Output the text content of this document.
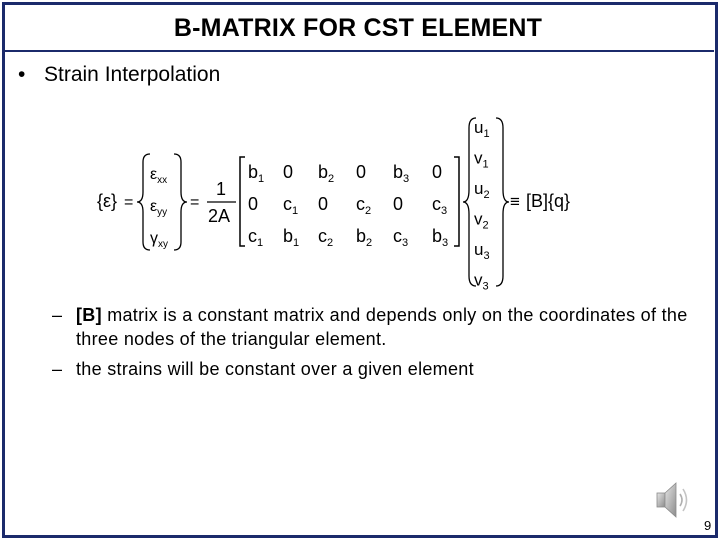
B-MATRIX FOR CST ELEMENT
• Strain Interpolation
{ε} =
$\varepsilon_{xx}$
$\varepsilon_{yy}$
$\gamma_{xy}$
=
1
2A
$b_1$ 0 $b_2$ 0 $b_3$ 0
0 $c_1$ 0 $c_2$ 0 $c_3$
$c_1$ $b_1$ $c_2$ $b_2$ $c_3$ $b_3$
$u_1$
$v_1$
$u_2$
$v_2$
$u_3$
$v_3$
≡ [B]{q}
– [B] matrix is a constant matrix and depends only on the coordinates of the three nodes of the triangular element.
– the strains will be constant over a given element
9
